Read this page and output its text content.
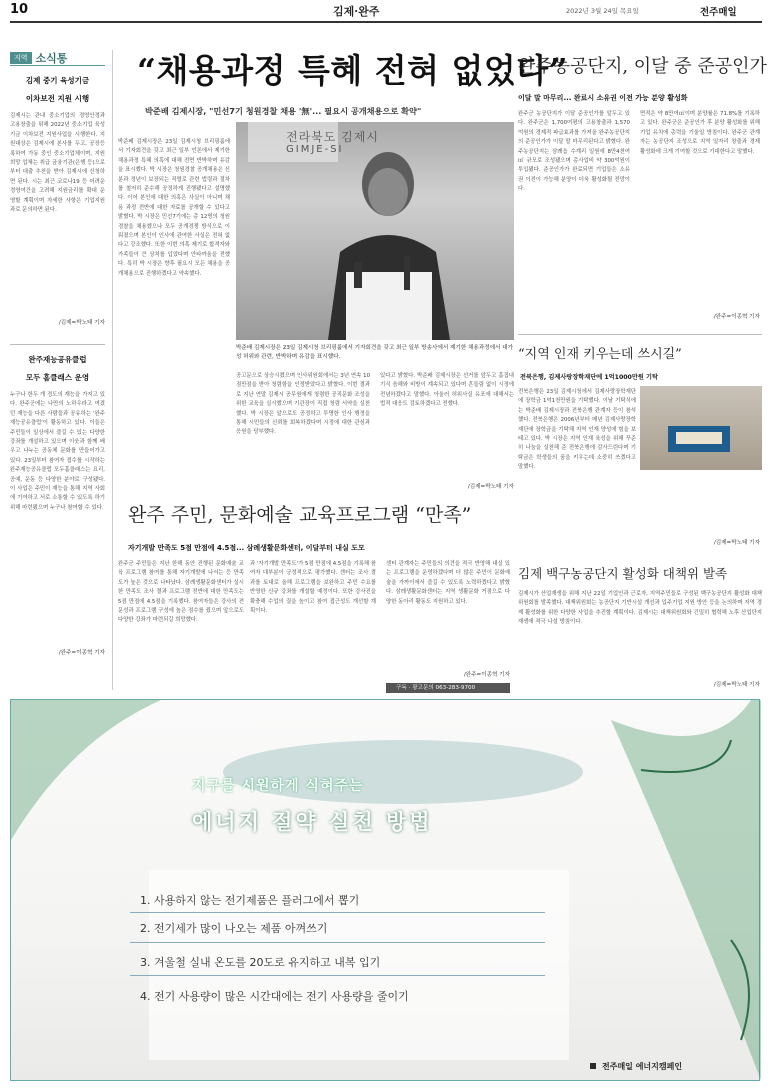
10	김제·완주	2022년 3월 24일 목요일	전주매일
지역 소식통
김제 중기 육성기금
이차보전 지원 시행
김제시는 관내 중소기업의 경영안정과 고용창출을 위해 2022년 중소기업 육성기금 이차보전 지원사업을 시행한다. 지원대상은 김제시에 본사를 두고, 공장등록하여 가동 중인 중소기업체이며, 지원희망 업체는 취급 금융기관(은행 등)으로부터 대출 추천을 받아 김제시에 신청하면 된다. 시는 최근 코로나19 등 어려운 경영여건을 고려해 지원금리를 확대 운영할 계획이며 자세한 사항은 기업지원과로 문의하면 된다.
/김제=박노태 기자
완주재능공유클럽
모두 홈클래스 운영
누구나 한두 개 정도의 재능을 가지고 있다. 완주군에는 나만의 노하우라고 여겼던 재능을 다른 사람들과 공유하는 '완주재능공유클럽'이 활동하고 있다. 이들은 주민들이 일상에서 즐길 수 있는 다양한 강좌를 개설하고 있으며 이웃과 함께 배우고 나누는 공동체 문화를 만들어가고 있다. 23일부터 참여자 접수를 시작하는 완주재능공유클럽 모두홈클래스는 요리, 공예, 운동 등 다양한 분야로 구성됐다. 이 사업은 주민이 재능을 통해 지역 사회에 기여하고 서로 소통할 수 있도록 하기 위해 마련됐으며 누구나 참여할 수 있다.
/완주=이종혁 기자
“채용과정 특혜 전혀 없었다”
박준배 김제시장, "민선7기 청원경찰 채용 '無'... 필요시 공개채용으로 확약"
박준배 김제시장은 23일 김제시청 브리핑룸에서 기자회견을 갖고 최근 일부 언론에서 제기한 채용과정 특혜 의혹에 대해 전면 반박하며 유감을 표시했다. 박 시장은 청원경찰 공개채용은 신분과 정년이 보장되는 직렬로 관련 법령과 절차를 철저히 준수해 공정하게 진행됐다고 설명했다. 이어 본인에 대한 의혹은 사실이 아니며 채용 과정 전반에 대한 자료를 공개할 수 있다고 밝혔다. 박 시장은 민선7기에는 총 12명의 청원경찰을 채용했으나 모두 공개경쟁 방식으로 이뤄졌으며 본인이 인사에 관여한 사실은 전혀 없다고 강조했다. 또한 이번 의혹 제기로 합격자와 가족들이 큰 상처를 입었다며 안타까움을 전했다. 특히 박 시장은 향후 필요시 모든 채용을 공개채용으로 진행하겠다고 약속했다.
전라북도 김제시
GIMJE-SI
박준배 김제시장은 23일 김제시청 브리핑룸에서 기자회견을 갖고 최근 일부 방송사에서 제기한 채용과정에서 대가성 허위와 관련, 반박하며 유감을 표시했다.
공고문으로 상승시켰으며 인사위원회에서는 3년 연속 10점만점을 받아 청렴함을 인정받았다고 밝혔다. 이번 결과로 지난 연말 김제시 공무원에게 청렴한 공직문화 조성을 위한 교육을 실시했으며 기관장이 직접 청렴 서약을 실천했다. 박 시장은 앞으로도 공정하고 투명한 인사 행정을 통해 시민들의 신뢰를 회복하겠다며 시정에 대한 관심과 응원을 당부했다.
있다고 밝혔다. 박준배 김제시장은 선거를 앞두고 흠집내기식 음해와 비방이 계속되고 있다며 흔들림 없이 시정에 전념하겠다고 말했다. 아울러 허위사실 유포에 대해서는 법적 대응도 검토하겠다고 전했다.
/김제=박노태 기자
완주농공단지, 이달 중 준공인가
이달 말 마무리... 완료시 소유권 이전 가능 분양 활성화
완주군 농공단지가 이달 준공인가를 앞두고 있다. 완주군은 1,700여평의 고용창출과 1,570억원의 경제적 파급효과를 가져올 완주농공단지의 준공인가가 이달 말 마무리된다고 밝혔다. 완주농공단지는 삼례읍 수계리 일원에 8만4천여㎡ 규모로 조성됐으며 총사업비 약 300억원이 투입됐다. 준공인가가 완료되면 기업들은 소유권 이전이 가능해 분양이 더욱 활성화될 전망이다.
면적은 약 8만여㎡이며 분양률은 71.8%를 기록하고 있다. 완주군은 준공인가 후 분양 활성화를 위해 기업 유치에 총력을 기울일 방침이다. 완주군 관계자는 농공단지 조성으로 지역 일자리 창출과 경제 활성화에 크게 기여할 것으로 기대한다고 말했다.
/완주=이종혁 기자
“지역 인재 키우는데 쓰시길”
전북은행, 김제사랑장학재단에 1억1000만원 기탁
전북은행은 23일 김제시청에서 김제사랑장학재단에 장학금 1억1천만원을 기탁했다. 이날 기탁식에는 박준배 김제시장과 전북은행 관계자 등이 참석했다. 전북은행은 2006년부터 매년 김제사랑장학재단에 장학금을 기탁해 지역 인재 양성에 힘을 보태고 있다. 박 시장은 지역 인재 육성을 위해 꾸준히 나눔을 실천해 준 전북은행에 감사드린다며 기탁금은 학생들의 꿈을 키우는데 소중히 쓰겠다고 말했다.
/김제=박노태 기자
김제 백구농공단지 활성화 대책위 발족
김제시가 산업재생을 위해 지난 22일 기업인과 근로자, 지역주민들로 구성된 백구농공단지 활성화 대책위원회를 발족했다. 대책위원회는 농공단지 기반시설 개선과 입주기업 지원 방안 등을 논의하며 지역 경제 활성화를 위한 다양한 사업을 추진할 계획이다. 김제시는 대책위원회와 긴밀히 협력해 노후 산업단지 재생에 적극 나설 방침이다.
/김제=박노태 기자
완주 주민, 문화예술 교육프로그램 “만족”
자기개발 만족도 5점 만점에 4.5점... 삼례생활문화센터, 이달부터 내실 도모
완주군 주민들은 지난 한해 동안 진행된 문화예술 교육 프로그램 참여를 통해 자기개발에 나서는 등 만족도가 높은 것으로 나타났다. 삼례생활문화센터가 실시한 만족도 조사 결과 프로그램 전반에 대한 만족도는 5점 만점에 4.5점을 기록했다. 참여자들은 강사의 전문성과 프로그램 구성에 높은 점수를 줬으며 앞으로도 다양한 강좌가 마련되길 희망했다.
과 '자기개발 만족도'가 5점 만점에 4.5점을 기록해 참여자 대부분이 긍정적으로 평가했다. 센터는 조사 결과를 토대로 올해 프로그램을 보완하고 주민 수요를 반영한 신규 강좌를 개설할 예정이다. 또한 강사진을 확충해 수업의 질을 높이고 참여 접근성도 개선할 계획이다.
센터 관계자는 주민들의 의견을 적극 반영해 내실 있는 프로그램을 운영하겠다며 더 많은 주민이 문화예술을 가까이에서 즐길 수 있도록 노력하겠다고 밝혔다. 삼례생활문화센터는 지역 생활문화 거점으로 다양한 동아리 활동도 지원하고 있다.
/완주=이종혁 기자
구독 · 광고문의 063-283-9700
지구를 시원하게 식혀주는
에너지 절약 실천 방법
1. 사용하지 않는 전기제품은 플러그에서 뽑기
2. 전기세가 많이 나오는 제품 아껴쓰기
3. 겨울철 실내 온도를 20도로 유지하고 내복 입기
4. 전기 사용량이 많은 시간대에는 전기 사용량을 줄이기
전주매일 에너지캠페인
